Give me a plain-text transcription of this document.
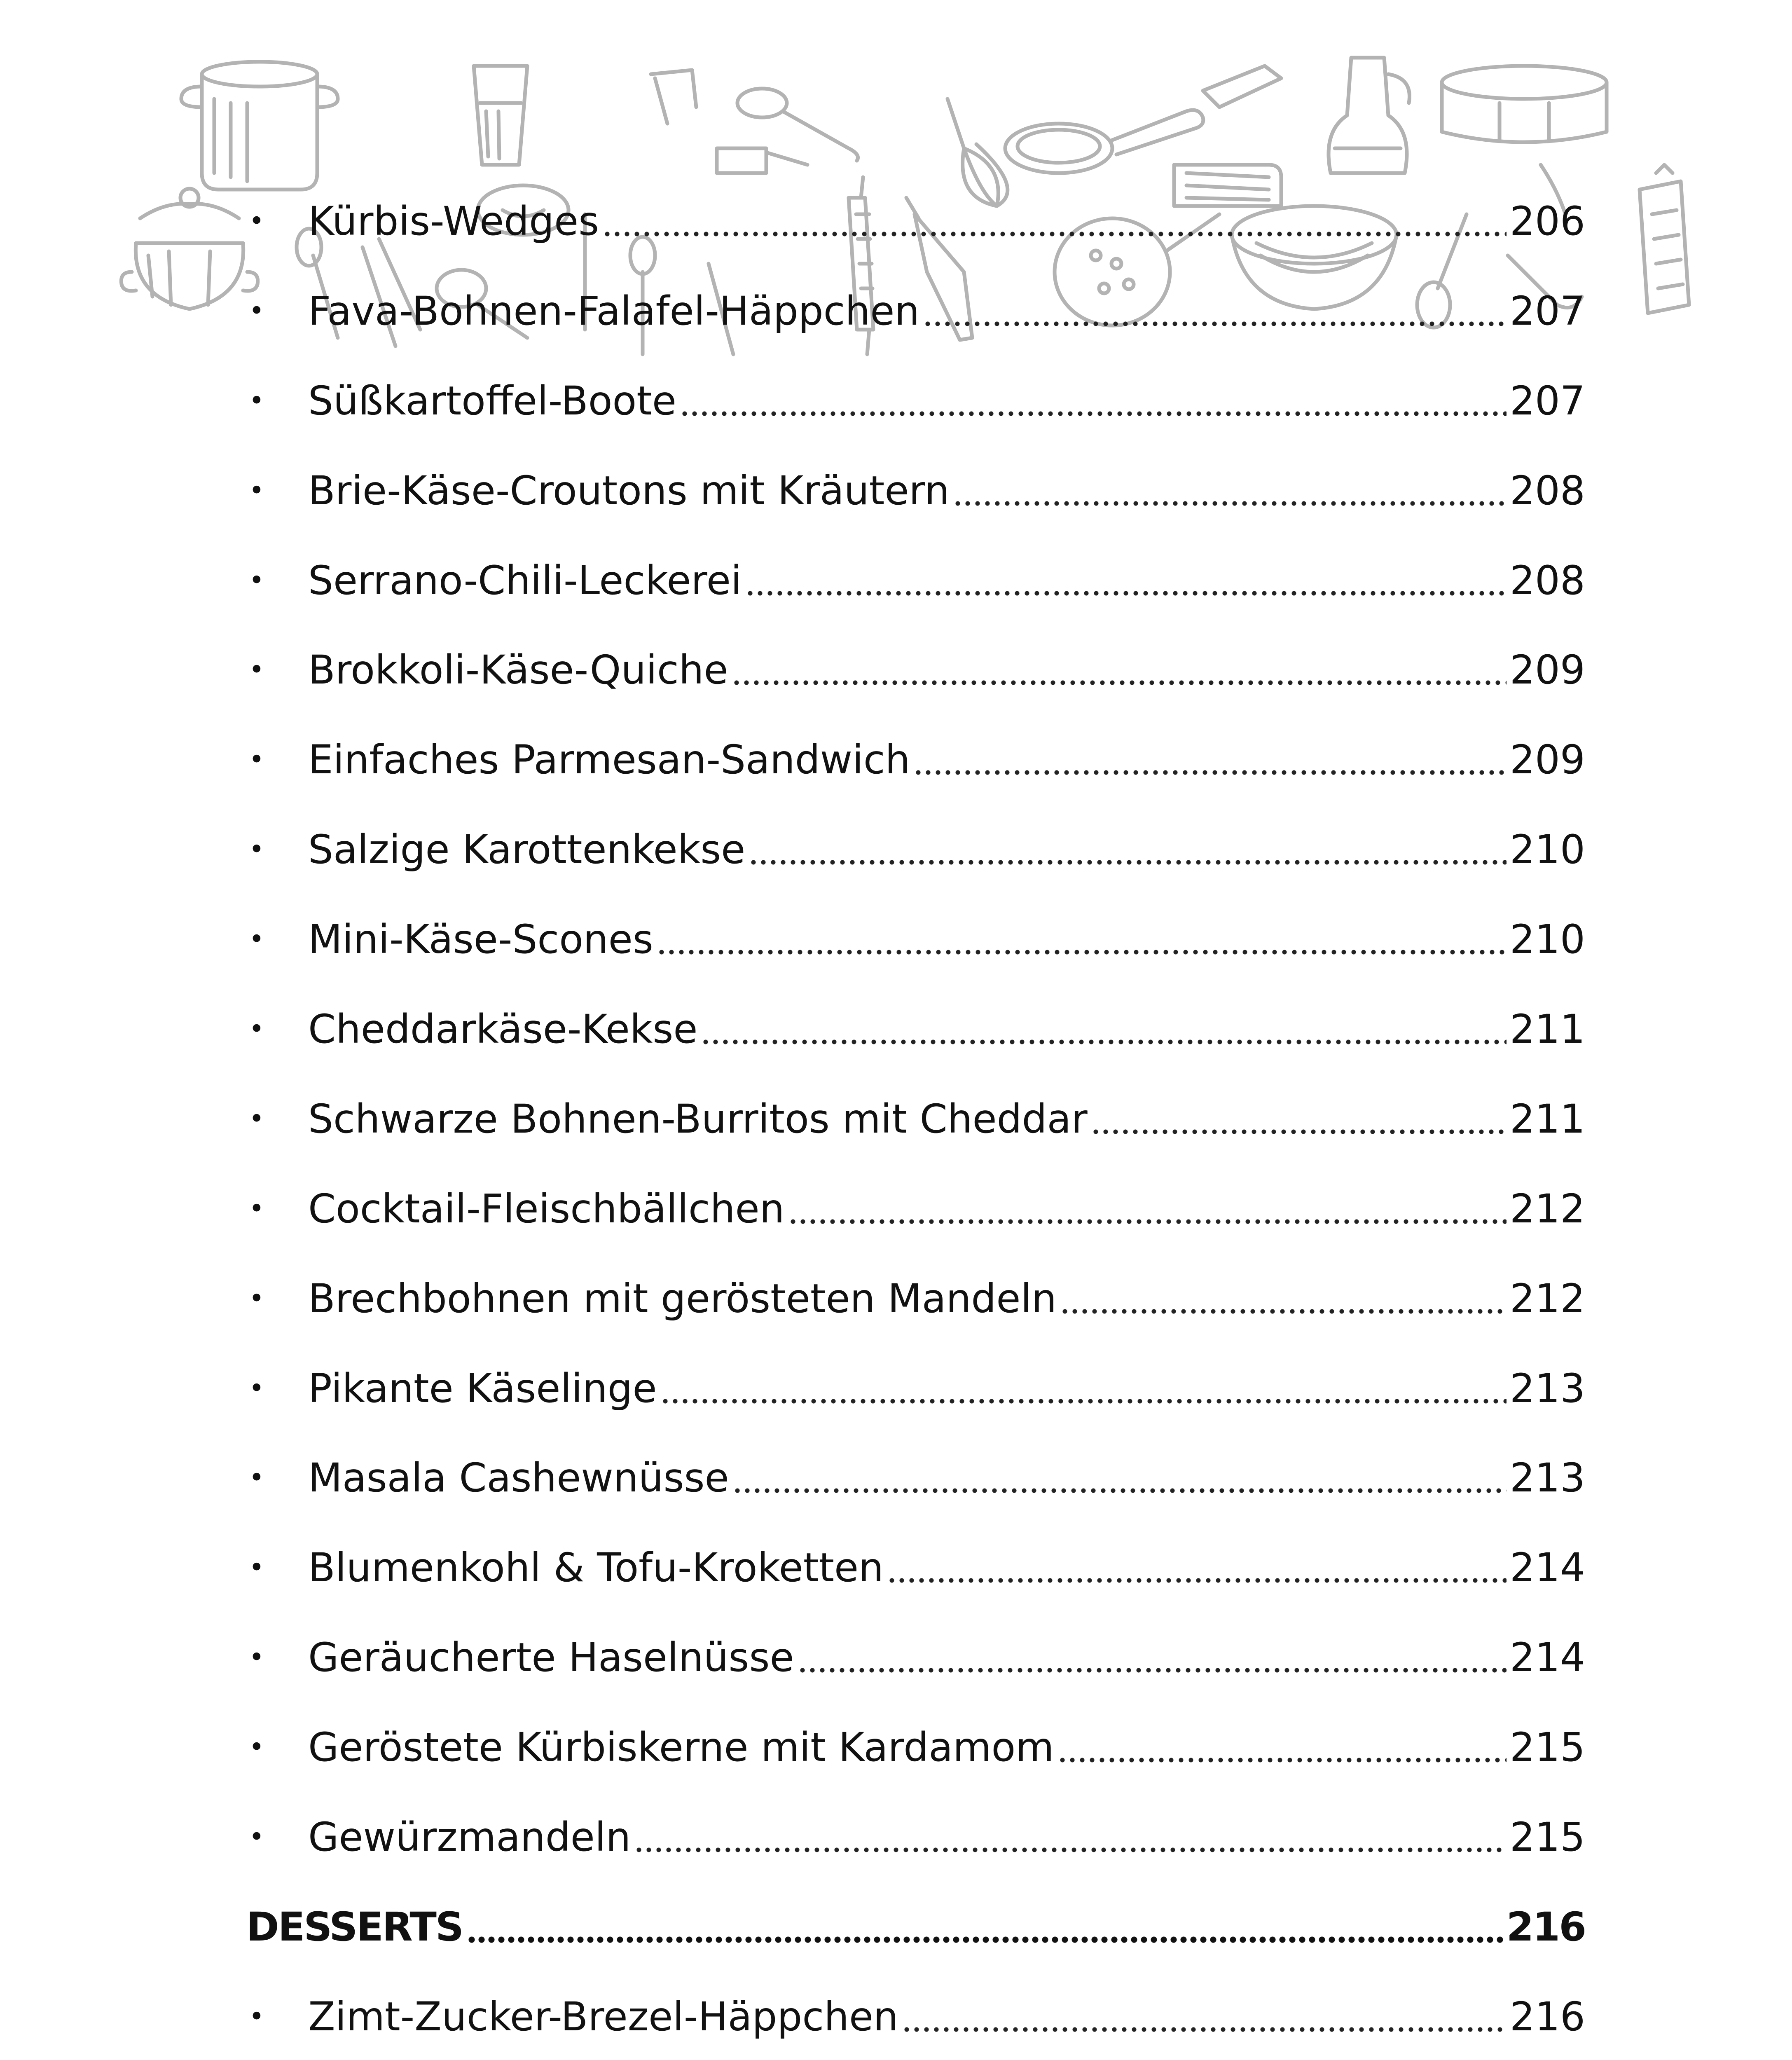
•	Kürbis-Wedges	206
•	Fava-Bohnen-Falafel-Häppchen	207
•	Süßkartoffel-Boote	207
•	Brie-Käse-Croutons mit Kräutern	208
•	Serrano-Chili-Leckerei	208
•	Brokkoli-Käse-Quiche	209
•	Einfaches Parmesan-Sandwich	209
•	Salzige Karottenkekse	210
•	Mini-Käse-Scones	210
•	Cheddarkäse-Kekse	211
•	Schwarze Bohnen-Burritos mit Cheddar	211
•	Cocktail-Fleischbällchen	212
•	Brechbohnen mit gerösteten Mandeln	212
•	Pikante Käselinge	213
•	Masala Cashewnüsse	213
•	Blumenkohl & Tofu-Kroketten	214
•	Geräucherte Haselnüsse	214
•	Geröstete Kürbiskerne mit Kardamom	215
•	Gewürzmandeln	215
DESSERTS	216
•	Zimt-Zucker-Brezel-Häppchen	216
